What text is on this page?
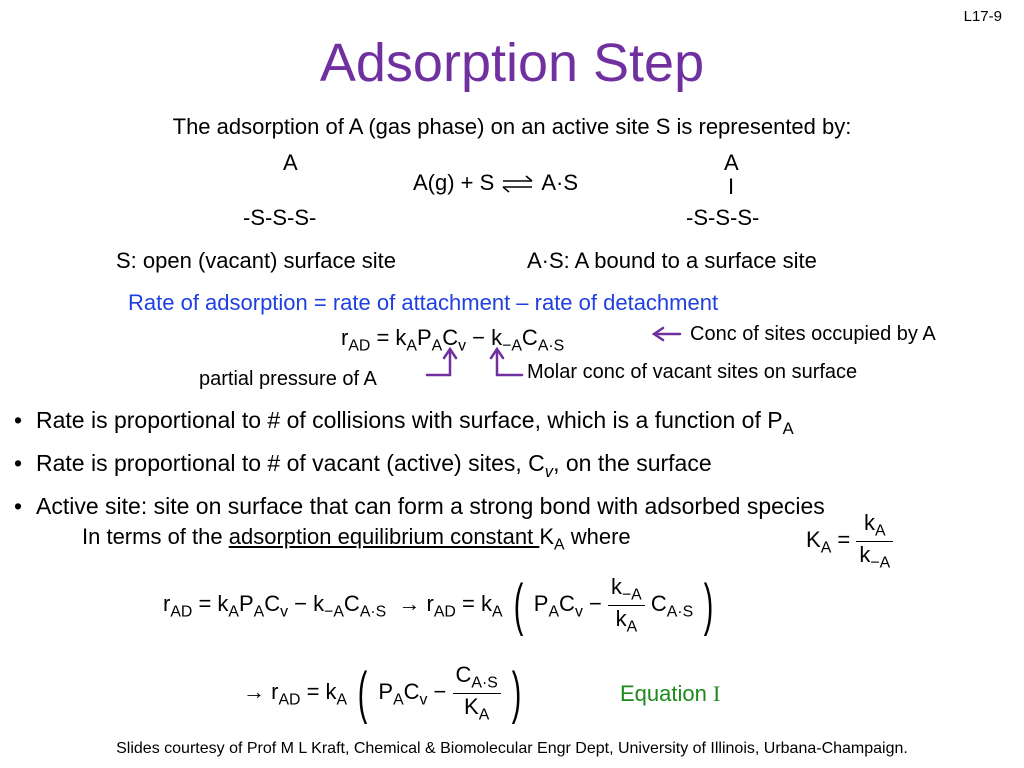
L17-9
Adsorption Step
The adsorption of A (gas phase) on an active site S is represented by:
A
-S-S-S-
A(g) + S ⇌ A·S
A
I
-S-S-S-
S: open (vacant) surface site	A·S: A bound to a surface site
Rate of adsorption = rate of attachment – rate of detachment
$r_{AD} = k_AP_AC_v - k_{-A}C_{A\cdot S}$
Conc of sites occupied by A
partial pressure of A	Molar conc of vacant sites on surface
• Rate is proportional to # of collisions with surface, which is a function of $P_A$
• Rate is proportional to # of vacant (active) sites, $C_v$, on the surface
• Active site: site on surface that can form a strong bond with adsorbed species
In terms of the adsorption equilibrium constant $K_A$ where	$K_A = \frac{k_A}{k_{-A}}$
$r_{AD} = k_AP_AC_v - k_{-A}C_{A\cdot S} \to r_{AD} = k_A$ ( $P_AC_v - \frac{k_{-A}}{k_A} C_{A\cdot S}$ )
→ $r_{AD} = k_A$ ( $P_AC_v - \frac{C_{A\cdot S}}{K_A}$ )	Equation I
Slides courtesy of Prof M L Kraft, Chemical & Biomolecular Engr Dept, University of Illinois, Urbana-Champaign.
